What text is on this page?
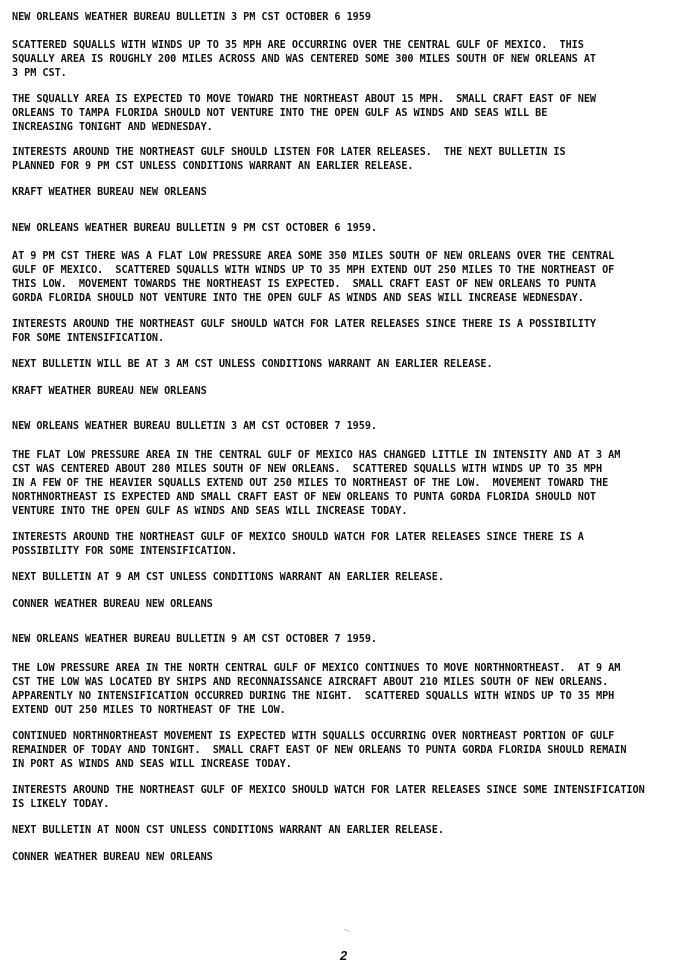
NEW ORLEANS WEATHER BUREAU BULLETIN 3 PM CST OCTOBER 6 1959
SCATTERED SQUALLS WITH WINDS UP TO 35 MPH ARE OCCURRING OVER THE CENTRAL GULF OF MEXICO.  THIS
SQUALLY AREA IS ROUGHLY 200 MILES ACROSS AND WAS CENTERED SOME 300 MILES SOUTH OF NEW ORLEANS AT
3 PM CST.
THE SQUALLY AREA IS EXPECTED TO MOVE TOWARD THE NORTHEAST ABOUT 15 MPH.  SMALL CRAFT EAST OF NEW
ORLEANS TO TAMPA FLORIDA SHOULD NOT VENTURE INTO THE OPEN GULF AS WINDS AND SEAS WILL BE
INCREASING TONIGHT AND WEDNESDAY.
INTERESTS AROUND THE NORTHEAST GULF SHOULD LISTEN FOR LATER RELEASES.  THE NEXT BULLETIN IS
PLANNED FOR 9 PM CST UNLESS CONDITIONS WARRANT AN EARLIER RELEASE.
KRAFT WEATHER BUREAU NEW ORLEANS
NEW ORLEANS WEATHER BUREAU BULLETIN 9 PM CST OCTOBER 6 1959.
AT 9 PM CST THERE WAS A FLAT LOW PRESSURE AREA SOME 350 MILES SOUTH OF NEW ORLEANS OVER THE CENTRAL
GULF OF MEXICO.  SCATTERED SQUALLS WITH WINDS UP TO 35 MPH EXTEND OUT 250 MILES TO THE NORTHEAST OF
THIS LOW.  MOVEMENT TOWARDS THE NORTHEAST IS EXPECTED.  SMALL CRAFT EAST OF NEW ORLEANS TO PUNTA
GORDA FLORIDA SHOULD NOT VENTURE INTO THE OPEN GULF AS WINDS AND SEAS WILL INCREASE WEDNESDAY.
INTERESTS AROUND THE NORTHEAST GULF SHOULD WATCH FOR LATER RELEASES SINCE THERE IS A POSSIBILITY
FOR SOME INTENSIFICATION.
NEXT BULLETIN WILL BE AT 3 AM CST UNLESS CONDITIONS WARRANT AN EARLIER RELEASE.
KRAFT WEATHER BUREAU NEW ORLEANS
NEW ORLEANS WEATHER BUREAU BULLETIN 3 AM CST OCTOBER 7 1959.
THE FLAT LOW PRESSURE AREA IN THE CENTRAL GULF OF MEXICO HAS CHANGED LITTLE IN INTENSITY AND AT 3 AM
CST WAS CENTERED ABOUT 280 MILES SOUTH OF NEW ORLEANS.  SCATTERED SQUALLS WITH WINDS UP TO 35 MPH
IN A FEW OF THE HEAVIER SQUALLS EXTEND OUT 250 MILES TO NORTHEAST OF THE LOW.  MOVEMENT TOWARD THE
NORTHNORTHEAST IS EXPECTED AND SMALL CRAFT EAST OF NEW ORLEANS TO PUNTA GORDA FLORIDA SHOULD NOT
VENTURE INTO THE OPEN GULF AS WINDS AND SEAS WILL INCREASE TODAY.
INTERESTS AROUND THE NORTHEAST GULF OF MEXICO SHOULD WATCH FOR LATER RELEASES SINCE THERE IS A
POSSIBILITY FOR SOME INTENSIFICATION.
NEXT BULLETIN AT 9 AM CST UNLESS CONDITIONS WARRANT AN EARLIER RELEASE.
CONNER WEATHER BUREAU NEW ORLEANS
NEW ORLEANS WEATHER BUREAU BULLETIN 9 AM CST OCTOBER 7 1959.
THE LOW PRESSURE AREA IN THE NORTH CENTRAL GULF OF MEXICO CONTINUES TO MOVE NORTHNORTHEAST.  AT 9 AM
CST THE LOW WAS LOCATED BY SHIPS AND RECONNAISSANCE AIRCRAFT ABOUT 210 MILES SOUTH OF NEW ORLEANS.
APPARENTLY NO INTENSIFICATION OCCURRED DURING THE NIGHT.  SCATTERED SQUALLS WITH WINDS UP TO 35 MPH
EXTEND OUT 250 MILES TO NORTHEAST OF THE LOW.
CONTINUED NORTHNORTHEAST MOVEMENT IS EXPECTED WITH SQUALLS OCCURRING OVER NORTHEAST PORTION OF GULF
REMAINDER OF TODAY AND TONIGHT.  SMALL CRAFT EAST OF NEW ORLEANS TO PUNTA GORDA FLORIDA SHOULD REMAIN
IN PORT AS WINDS AND SEAS WILL INCREASE TODAY.
INTERESTS AROUND THE NORTHEAST GULF OF MEXICO SHOULD WATCH FOR LATER RELEASES SINCE SOME INTENSIFICATION
IS LIKELY TODAY.
NEXT BULLETIN AT NOON CST UNLESS CONDITIONS WARRANT AN EARLIER RELEASE.
CONNER WEATHER BUREAU NEW ORLEANS
2
